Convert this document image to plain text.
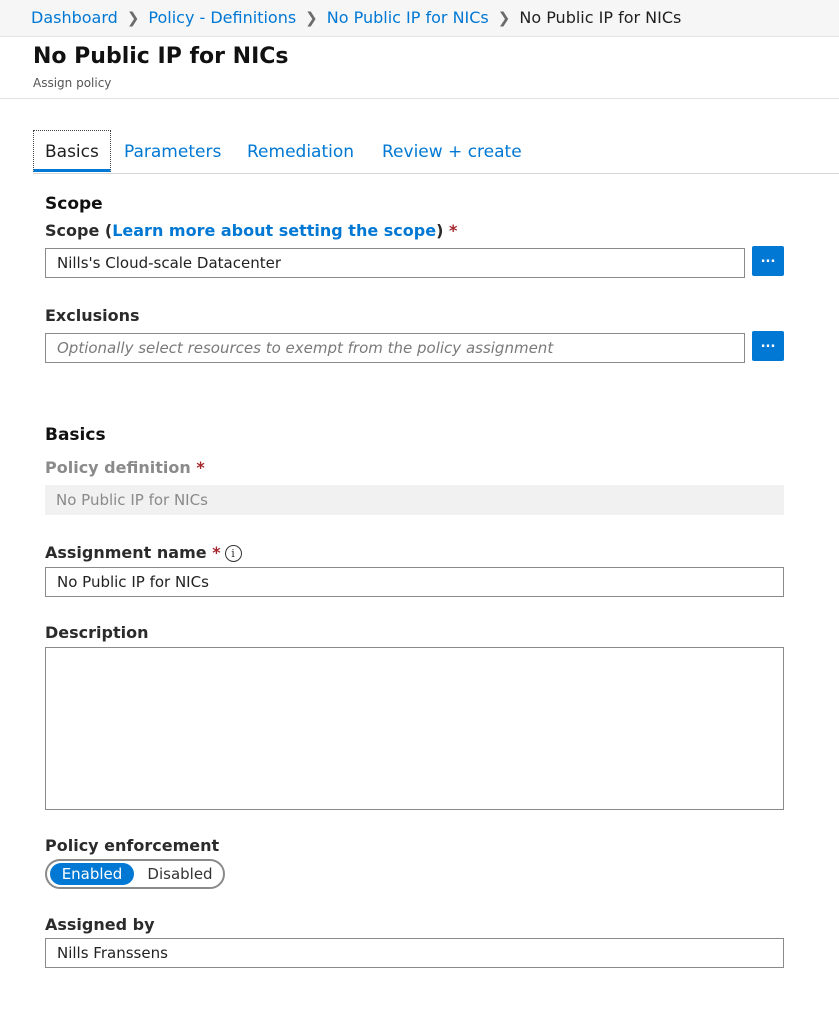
Dashboard ❯ Policy - Definitions ❯ No Public IP for NICs ❯ No Public IP for NICs
No Public IP for NICs
Assign policy
Basics	Parameters Remediation Review + create
Scope
Scope (Learn more about setting the scope) *
Nills's Cloud-scale Datacenter	...
Exclusions
Optionally select resources to exempt from the policy assignment	...
Basics
Policy definition *
No Public IP for NICs
Assignment name * i
No Public IP for NICs
Description
Policy enforcement
Enabled	Disabled
Assigned by
Nills Franssens
